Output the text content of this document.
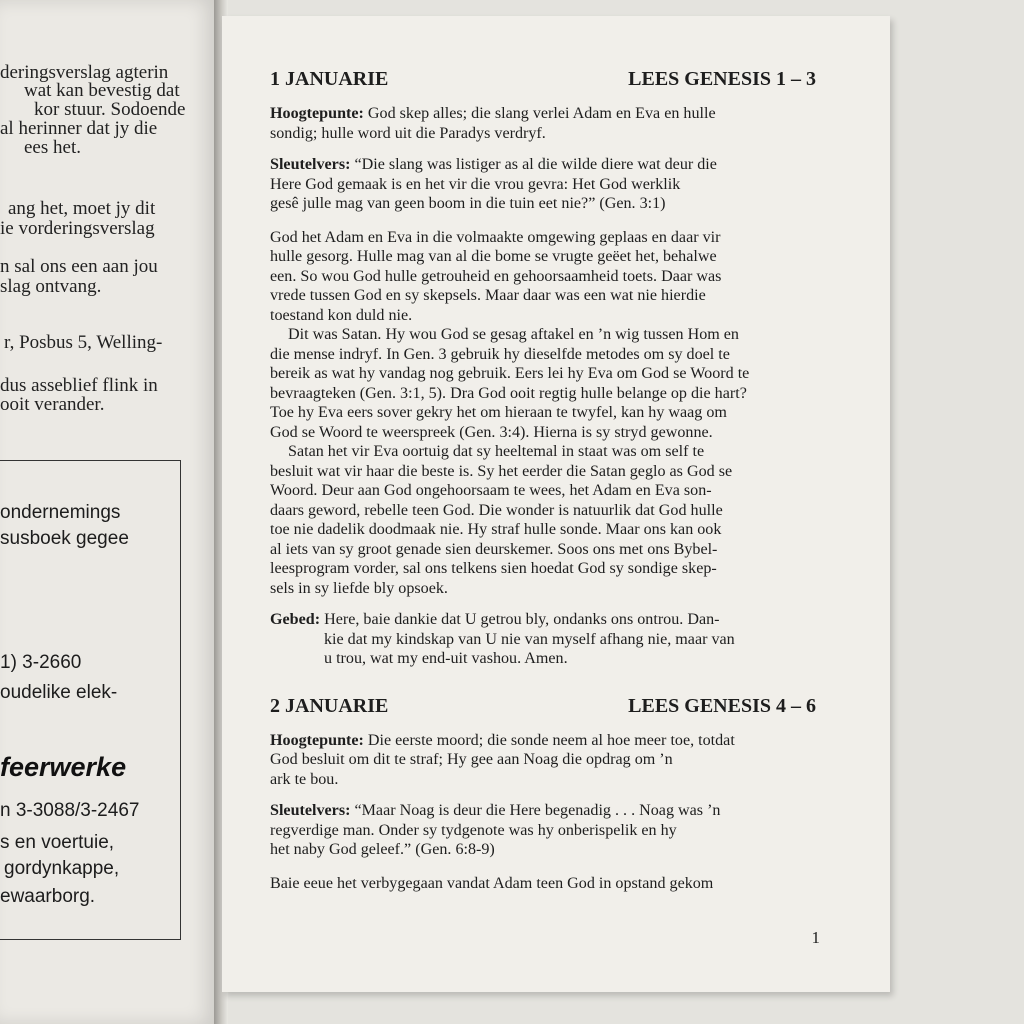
deringsverslag agterin
wat kan bevestig dat
kor stuur. Sodoende
al herinner dat jy die
ees het.
ang het, moet jy dit
ie vorderingsverslag
n sal ons een aan jou
slag ontvang.
r, Posbus 5, Welling-
dus asseblief flink in
ooit verander.
ondernemings
susboek gegee
1) 3-2660
oudelike elek-
n 3-3088/3-2467
s en voertuie,
gordynkappe,
ewaarborg.
feerwerke
1 JANUARIE	LEES GENESIS 1 – 3
Hoogtepunte: God skep alles; die slang verlei Adam en Eva en hulle
sondig; hulle word uit die Paradys verdryf.
Sleutelvers: “Die slang was listiger as al die wilde diere wat deur die
Here God gemaak is en het vir die vrou gevra: Het God werklik
gesê julle mag van geen boom in die tuin eet nie?” (Gen. 3:1)

God het Adam en Eva in die volmaakte omgewing geplaas en daar vir
hulle gesorg. Hulle mag van al die bome se vrugte geëet het, behalwe
een. So wou God hulle getrouheid en gehoorsaamheid toets. Daar was
vrede tussen God en sy skepsels. Maar daar was een wat nie hierdie
toestand kon duld nie.

Dit was Satan. Hy wou God se gesag aftakel en ’n wig tussen Hom en
die mense indryf. In Gen. 3 gebruik hy dieselfde metodes om sy doel te
bereik as wat hy vandag nog gebruik. Eers lei hy Eva om God se Woord te
bevraagteken (Gen. 3:1, 5). Dra God ooit regtig hulle belange op die hart?
Toe hy Eva eers sover gekry het om hieraan te twyfel, kan hy waag om
God se Woord te weerspreek (Gen. 3:4). Hierna is sy stryd gewonne.

Satan het vir Eva oortuig dat sy heeltemal in staat was om self te
besluit wat vir haar die beste is. Sy het eerder die Satan geglo as God se
Woord. Deur aan God ongehoorsaam te wees, het Adam en Eva son-
daars geword, rebelle teen God. Die wonder is natuurlik dat God hulle
toe nie dadelik doodmaak nie. Hy straf hulle sonde. Maar ons kan ook
al iets van sy groot genade sien deurskemer. Soos ons met ons Bybel-
leesprogram vorder, sal ons telkens sien hoedat God sy sondige skep-
sels in sy liefde bly opsoek.

Gebed: Here, baie dankie dat U getrou bly, ondanks ons ontrou. Dan-
kie dat my kindskap van U nie van myself afhang nie, maar van
u trou, wat my end-uit vashou. Amen.
2 JANUARIE	LEES GENESIS 4 – 6
Hoogtepunte: Die eerste moord; die sonde neem al hoe meer toe, totdat
God besluit om dit te straf; Hy gee aan Noag die opdrag om ’n
ark te bou.
Sleutelvers: “Maar Noag is deur die Here begenadig . . . Noag was ’n
regverdige man. Onder sy tydgenote was hy onberispelik en hy
het naby God geleef.” (Gen. 6:8-9)

Baie eeue het verbygegaan vandat Adam teen God in opstand gekom

1
